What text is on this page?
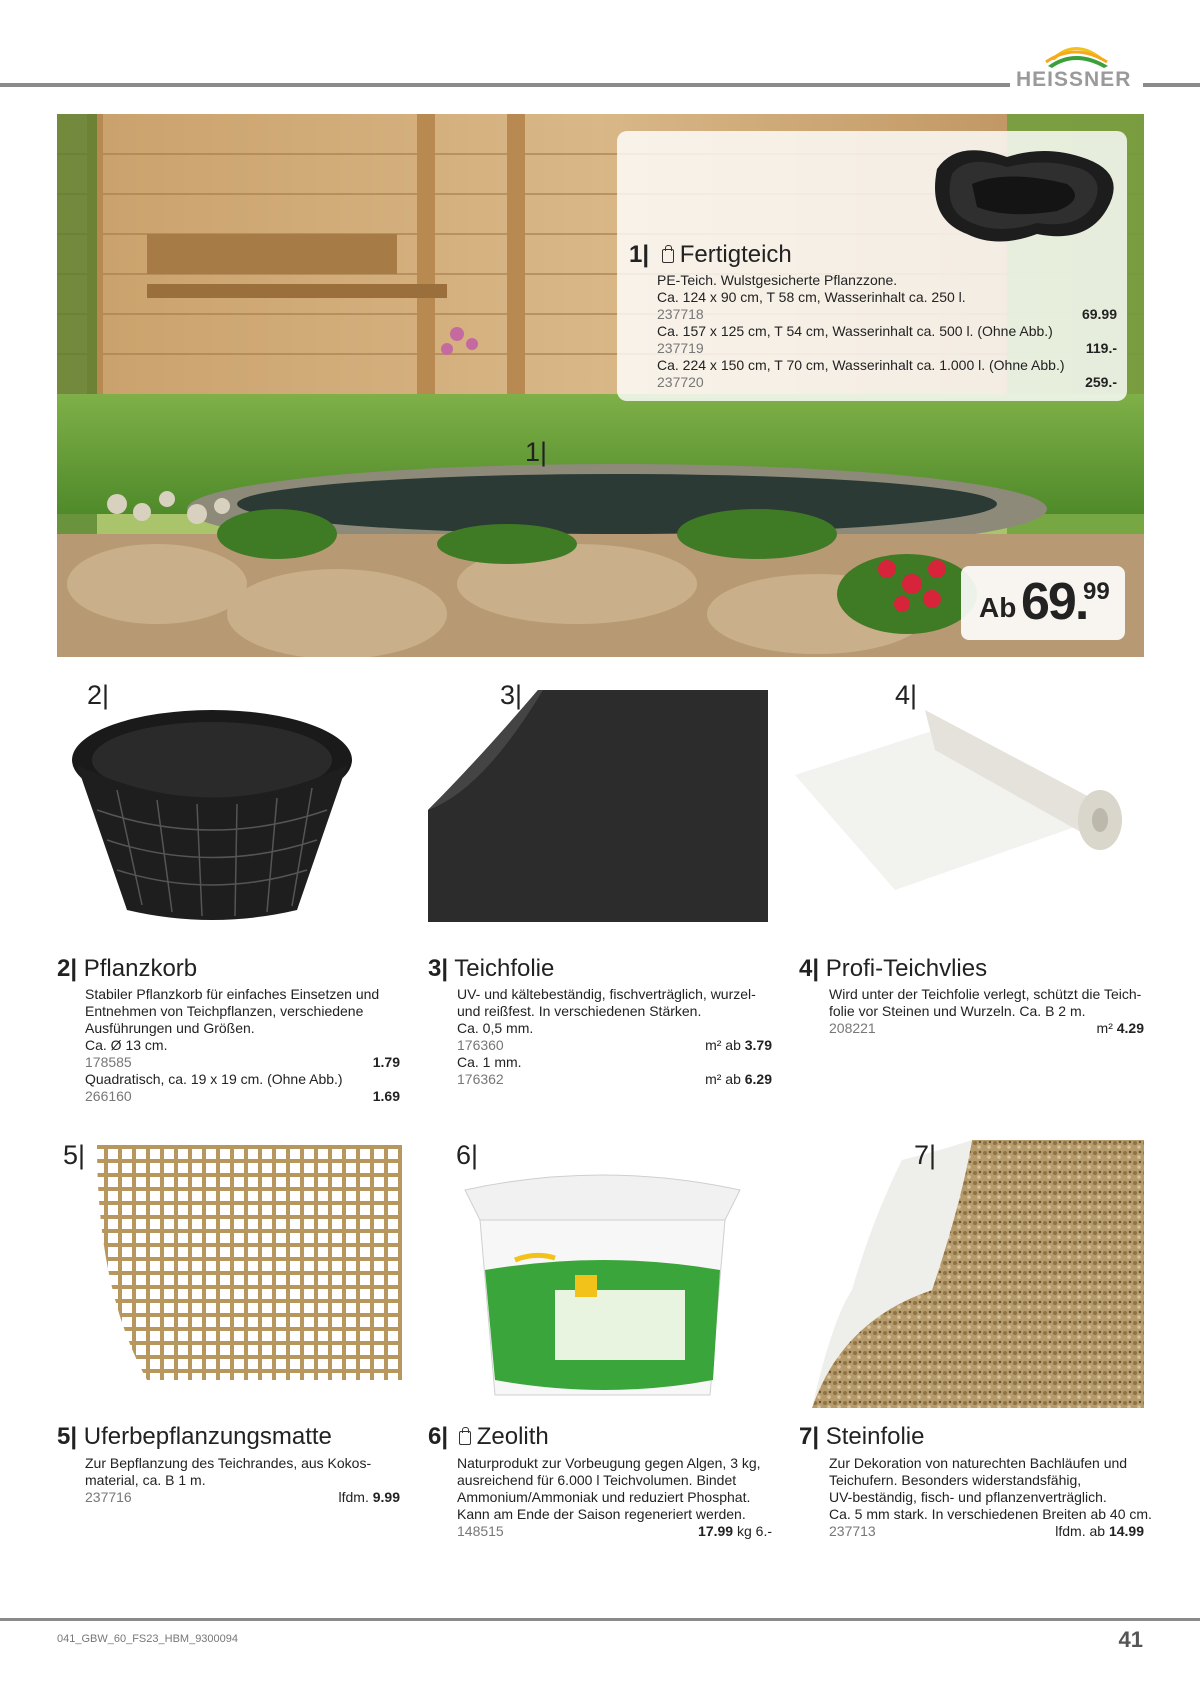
HEISSNER
1|
1| Fertigteich
PE-Teich. Wulstgesicherte Pflanzzone.
Ca. 124 x 90 cm, T 58 cm, Wasserinhalt ca. 250 l.
237718	69.99
Ca. 157 x 125 cm, T 54 cm, Wasserinhalt ca. 500 l. (Ohne Abb.)
237719	119.-
Ca. 224 x 150 cm, T 70 cm, Wasserinhalt ca. 1.000 l. (Ohne Abb.)
237720	259.-
Ab 69.
99
2|	3|	4|
2| Pflanzkorb
Stabiler Pflanzkorb für einfaches Einsetzen und
Entnehmen von Teichpflanzen, verschiedene
Ausführungen und Größen.
Ca. Ø 13 cm.
178585	1.79
Quadratisch, ca. 19 x 19 cm. (Ohne Abb.)
266160	1.69
3| Teichfolie
UV- und kältebeständig, fischverträglich, wurzel-
und reißfest. In verschiedenen Stärken.
Ca. 0,5 mm.
176360	m² ab 3.79
Ca. 1 mm.
176362	m² ab 6.29
4| Profi-Teichvlies
Wird unter der Teichfolie verlegt, schützt die Teich-
folie vor Steinen und Wurzeln. Ca. B 2 m.
208221	m² 4.29
5|	6|	7|
5| Uferbepflanzungsmatte
Zur Bepflanzung des Teichrandes, aus Kokos-
material, ca. B 1 m.
237716	lfdm. 9.99
6| Zeolith
Naturprodukt zur Vorbeugung gegen Algen, 3 kg,
ausreichend für 6.000 l Teichvolumen. Bindet
Ammonium/Ammoniak und reduziert Phosphat.
Kann am Ende der Saison regeneriert werden.
148515	17.99 kg 6.-
7| Steinfolie
Zur Dekoration von naturechten Bachläufen und
Teichufern. Besonders widerstandsfähig,
UV-beständig, fisch- und pflanzenverträglich.
Ca. 5 mm stark. In verschiedenen Breiten ab 40 cm.
237713	lfdm. ab 14.99
041_GBW_60_FS23_HBM_9300094	41
